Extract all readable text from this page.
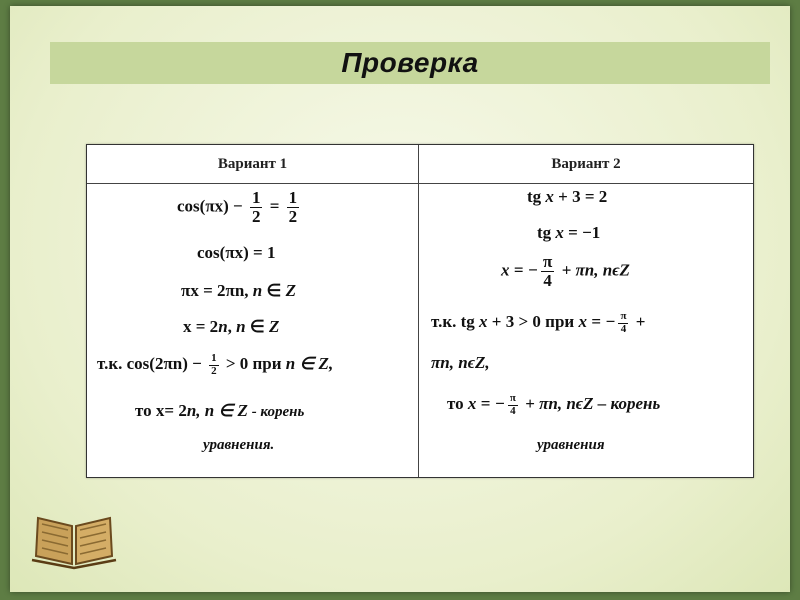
Проверка
Вариант 1	Вариант 2
$\cos(\pi x) - \frac{1}{2} = \frac{1}{2}$
cos(πx) = 1
πx = 2πn, n ∈ Z
x = 2n, n ∈ Z
т.к. $\cos(2\pi n) - \frac{1}{2} > 0$ при n ∈ Z,
то x= 2n, n ∈ Z - корень
уравнения.
tg x + 3 = 2
tg x = −1
x = − $\frac{\pi}{4} + \pi n$, nϵZ
т.к. tg x + 3 > 0 при x = − $\frac{\pi}{4}$ +
πn, nϵZ,
то x = − $\frac{\pi}{4} + \pi n$, nϵZ – корень
уравнения
